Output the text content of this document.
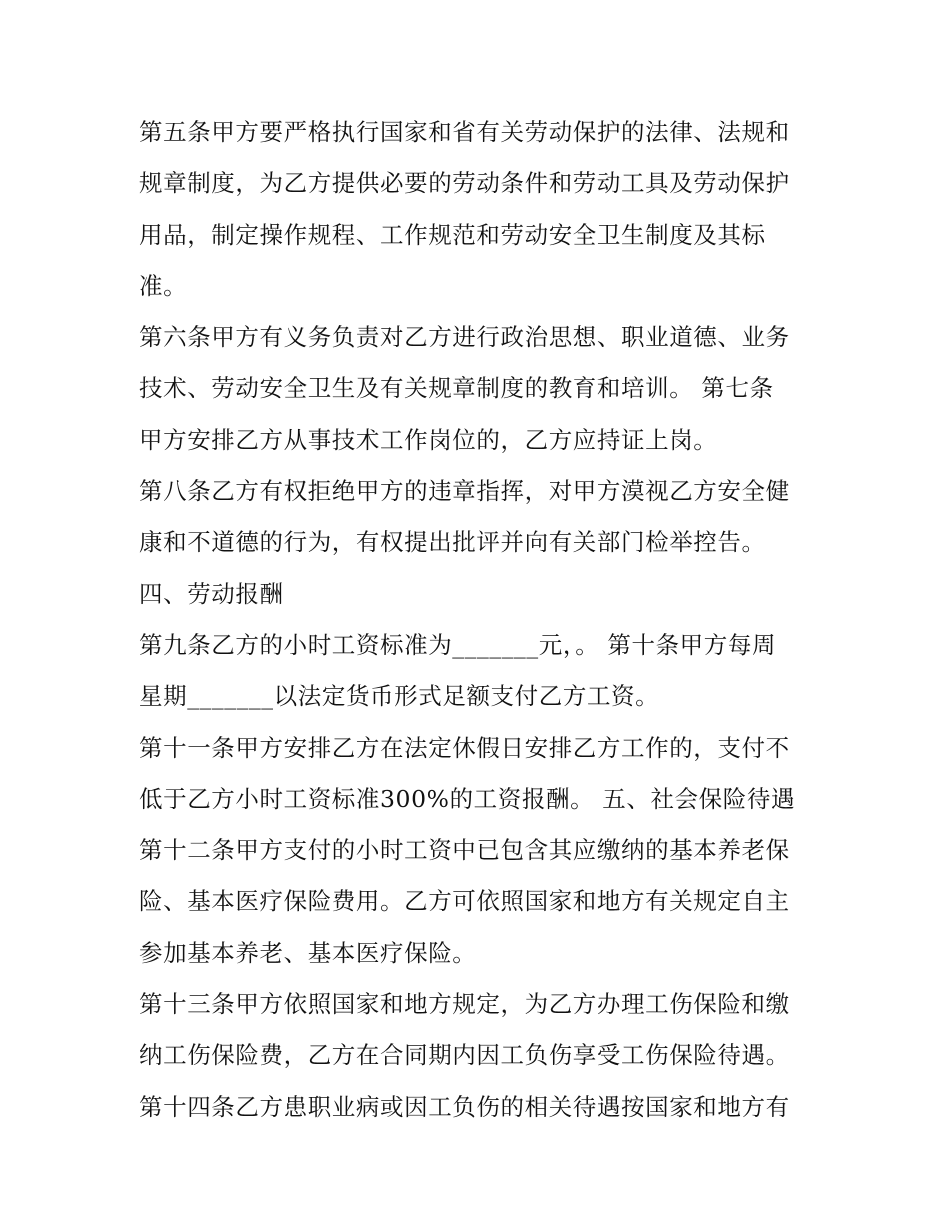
第五条甲方要严格执行国家和省有关劳动保护的法律、法规和
规章制度，为乙方提供必要的劳动条件和劳动工具及劳动保护
用品，制定操作规程、工作规范和劳动安全卫生制度及其标
准。
第六条甲方有义务负责对乙方进行政治思想、职业道德、业务
技术、劳动安全卫生及有关规章制度的教育和培训。 第七条
甲方安排乙方从事技术工作岗位的，乙方应持证上岗。
第八条乙方有权拒绝甲方的违章指挥，对甲方漠视乙方安全健
康和不道德的行为，有权提出批评并向有关部门检举控告。
四、劳动报酬
第九条乙方的小时工资标准为_______元，。 第十条甲方每周
星期_______以法定货币形式足额支付乙方工资。
第十一条甲方安排乙方在法定休假日安排乙方工作的，支付不
低于乙方小时工资标准300%的工资报酬。 五、社会保险待遇
第十二条甲方支付的小时工资中已包含其应缴纳的基本养老保
险、基本医疗保险费用。乙方可依照国家和地方有关规定自主
参加基本养老、基本医疗保险。
第十三条甲方依照国家和地方规定，为乙方办理工伤保险和缴
纳工伤保险费，乙方在合同期内因工负伤享受工伤保险待遇。
第十四条乙方患职业病或因工负伤的相关待遇按国家和地方有
